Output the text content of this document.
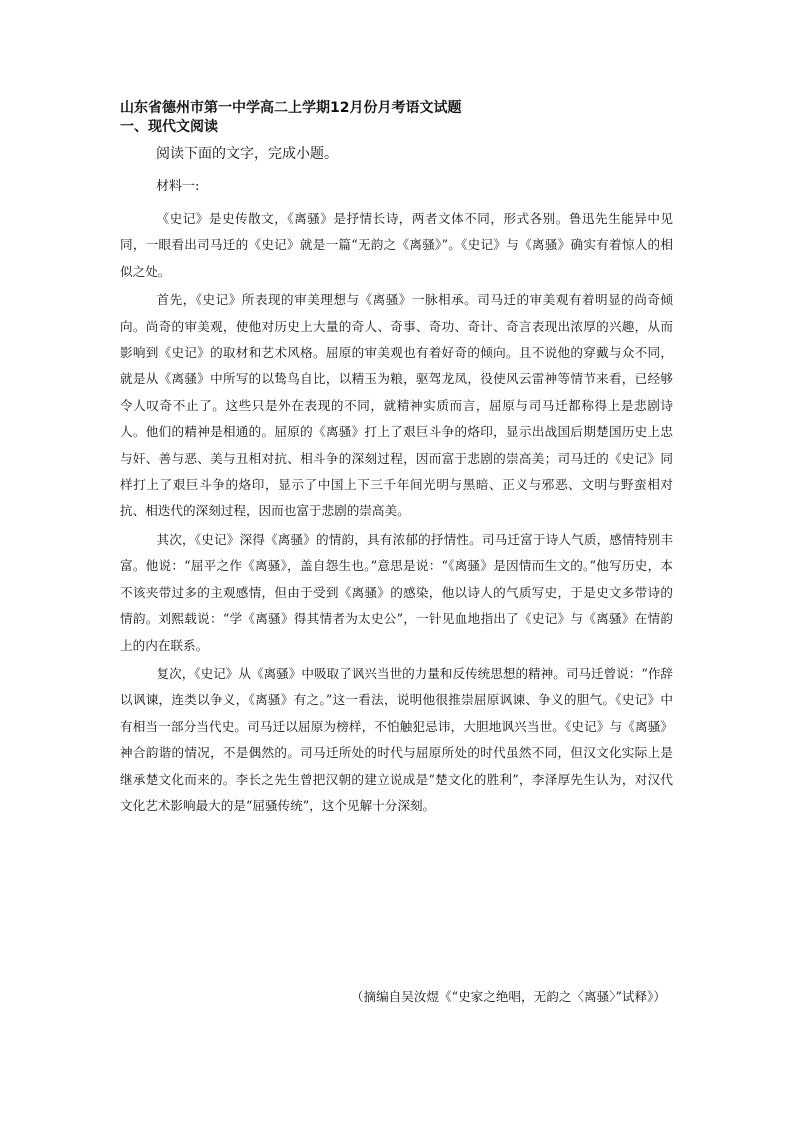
山东省德州市第一中学高二上学期12月份月考语文试题
一、现代文阅读
阅读下面的文字，完成小题。
材料一:

《史记》是史传散文，《离骚》是抒情长诗，两者文体不同，形式各别。鲁迅先生能异中见同，一眼看出司马迁的《史记》就是一篇“无韵之《离骚》”。《史记》与《离骚》确实有着惊人的相似之处。

首先，《史记》所表现的审美理想与《离骚》一脉相承。司马迁的审美观有着明显的尚奇倾向。尚奇的审美观，使他对历史上大量的奇人、奇事、奇功、奇计、奇言表现出浓厚的兴趣，从而影响到《史记》的取材和艺术风格。屈原的审美观也有着好奇的倾向。且不说他的穿戴与众不同，就是从《离骚》中所写的以鸷鸟自比，以精玉为粮，驱驾龙凤，役使风云雷神等情节来看，已经够令人叹奇不止了。这些只是外在表现的不同，就精神实质而言，屈原与司马迁都称得上是悲剧诗人。他们的精神是相通的。屈原的《离骚》打上了艰巨斗争的烙印，显示出战国后期楚国历史上忠与奸、善与恶、美与丑相对抗、相斗争的深刻过程，因而富于悲剧的崇高美；司马迁的《史记》同样打上了艰巨斗争的烙印，显示了中国上下三千年间光明与黑暗、正义与邪恶、文明与野蛮相对抗、相迭代的深刻过程，因而也富于悲剧的崇高美。

其次，《史记》深得《离骚》的情韵，具有浓郁的抒情性。司马迁富于诗人气质，感情特别丰富。他说：“屈平之作《离骚》，盖自怨生也。”意思是说：“《离骚》是因情而生文的。”他写历史，本不该夹带过多的主观感情，但由于受到《离骚》的感染，他以诗人的气质写史，于是史文多带诗的情韵。刘熙载说：“学《离骚》得其情者为太史公”，一针见血地指出了《史记》与《离骚》在情韵上的内在联系。

复次，《史记》从《离骚》中吸取了讽兴当世的力量和反传统思想的精神。司马迁曾说：“作辞以讽谏，连类以争义，《离骚》有之。”这一看法，说明他很推崇屈原讽谏、争义的胆气。《史记》中有相当一部分当代史。司马迁以屈原为榜样，不怕触犯忌讳，大胆地讽兴当世。《史记》与《离骚》神合韵谐的情况，不是偶然的。司马迁所处的时代与屈原所处的时代虽然不同，但汉文化实际上是继承楚文化而来的。李长之先生曾把汉朝的建立说成是“楚文化的胜利”，李泽厚先生认为，对汉代文化艺术影响最大的是“屈骚传统”，这个见解十分深刻。

（摘编自吴汝煜《“史家之绝唱，无韵之〈离骚〉”试释》）
